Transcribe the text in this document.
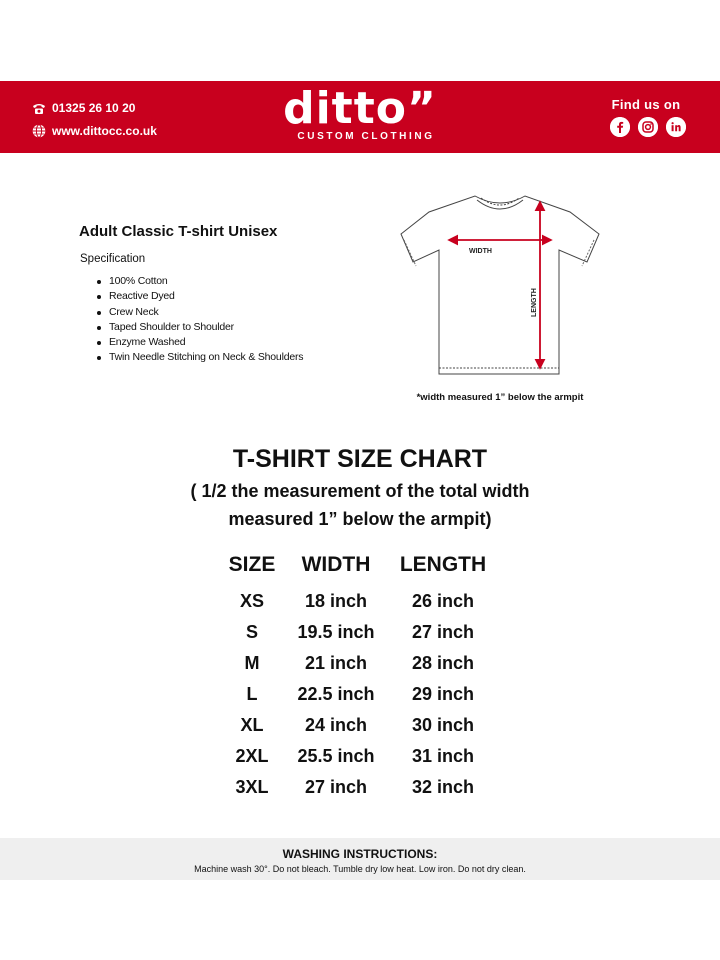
01325 26 10 20
www.dittocc.co.uk	ditto”
CUSTOM CLOTHING
Find us on
Adult Classic T-shirt Unisex
Specification
100% Cotton
Reactive Dyed
Crew Neck
Taped Shoulder to Shoulder
Enzyme Washed
Twin Needle Stitching on Neck & Shoulders
WIDTH
LENGTH
*width measured 1” below the armpit
T-SHIRT SIZE CHART
( 1/2 the measurement of the total width
measured 1” below the armpit)
SIZE
XS
S
M
L
XL
2XL
3XL
WIDTH
18 inch
19.5 inch
21 inch
22.5 inch
24 inch
25.5 inch
27 inch
LENGTH
26 inch
27 inch
28 inch
29 inch
30 inch
31 inch
32 inch
WASHING INSTRUCTIONS:
Machine wash 30°. Do not bleach. Tumble dry low heat. Low iron. Do not dry clean.
